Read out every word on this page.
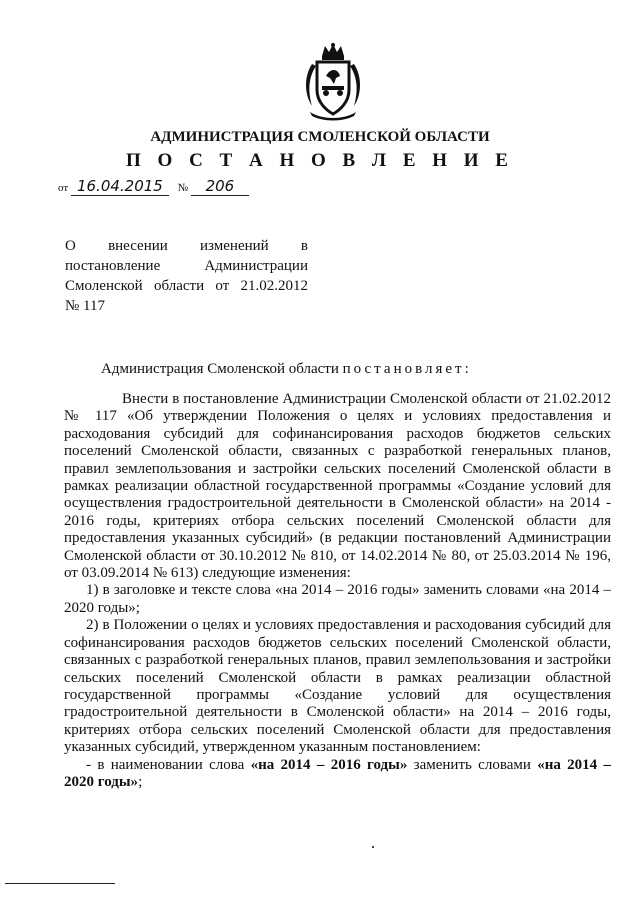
АДМИНИСТРАЦИЯ СМОЛЕНСКОЙ ОБЛАСТИ
П О С Т А Н О В Л Е Н И Е
от 16.04.2015 № 206
О внесении изменений в
постановление Администрации
Смоленской области от 21.02.2012
№ 117
Администрация Смоленской области постановляет:

Внести в постановление Администрации Смоленской области от 21.02.2012 № 117 «Об утверждении Положения о целях и условиях предоставления и расходования субсидий для софинансирования расходов бюджетов сельских поселений Смоленской области, связанных с разработкой генеральных планов, правил землепользования и застройки сельских поселений Смоленской области в рамках реализации областной государственной программы «Создание условий для осуществления градостроительной деятельности в Смоленской области» на 2014 - 2016 годы, критериях отбора сельских поселений Смоленской области для предоставления указанных субсидий» (в редакции постановлений Администрации Смоленской области от 30.10.2012 № 810, от 14.02.2014 № 80, от 25.03.2014 № 196, от 03.09.2014 № 613) следующие изменения:

1) в заголовке и тексте слова «на 2014 – 2016 годы» заменить словами «на 2014 – 2020 годы»;

2) в Положении о целях и условиях предоставления и расходования субсидий для софинансирования расходов бюджетов сельских поселений Смоленской области, связанных с разработкой генеральных планов, правил землепользования и застройки сельских поселений Смоленской области в рамках реализации областной государственной программы «Создание условий для осуществления градостроительной деятельности в Смоленской области» на 2014 – 2016 годы, критериях отбора сельских поселений Смоленской области для предоставления указанных субсидий, утвержденном указанным постановлением:

- в наименовании слова «на 2014 – 2016 годы» заменить словами «на 2014 – 2020 годы»;
